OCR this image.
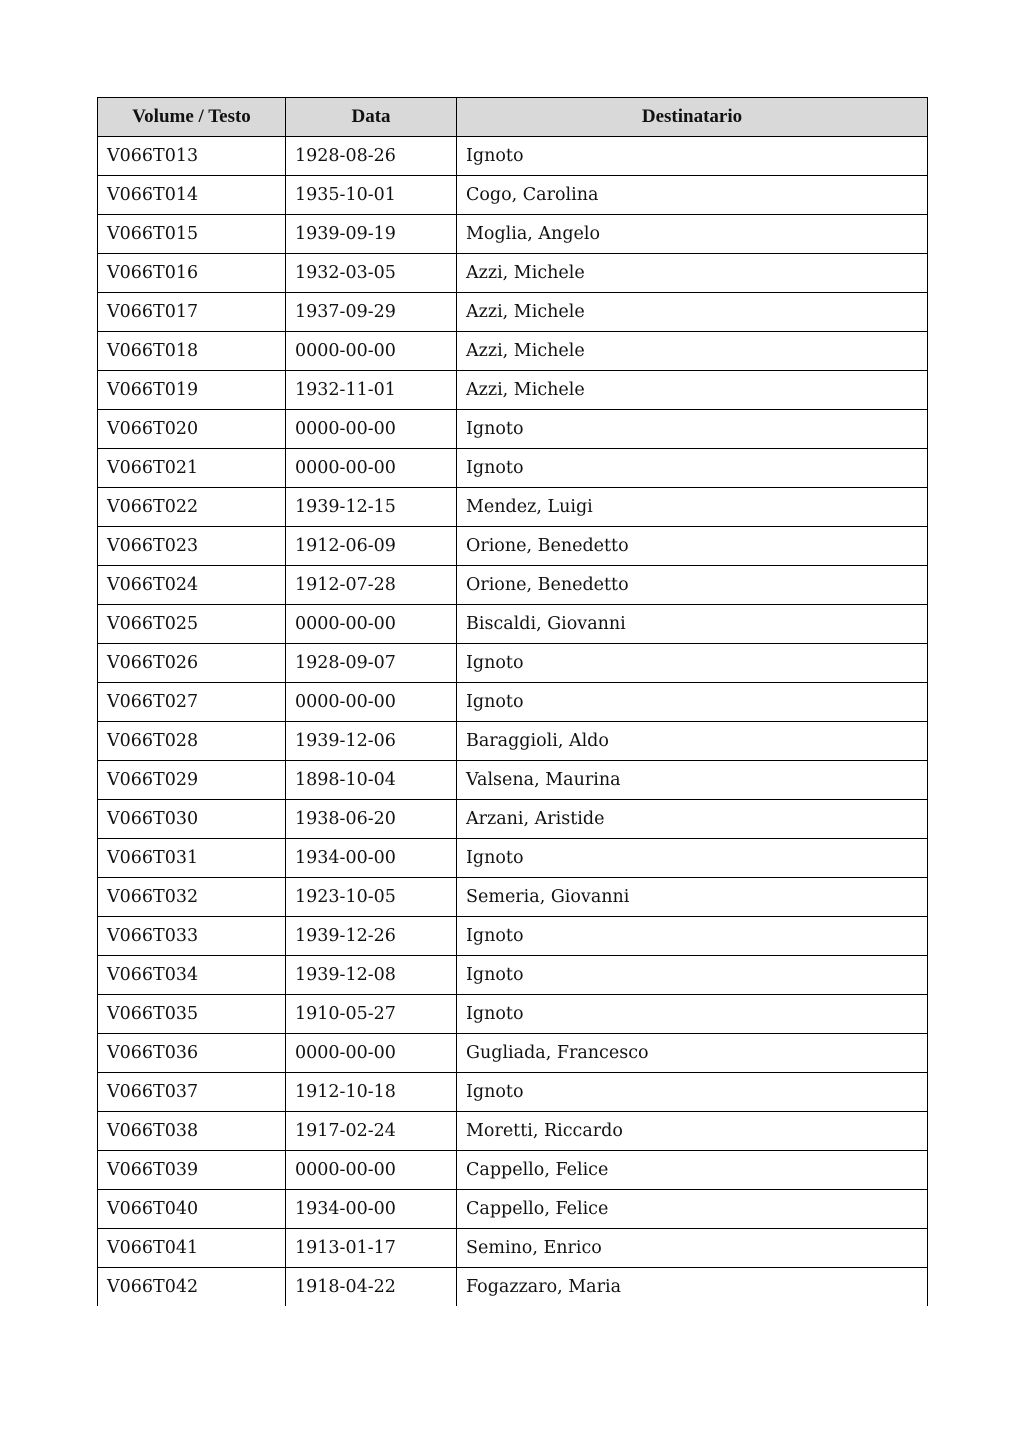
Volume / Testo	Data	Destinatario
V066T013	1928-08-26	Ignoto
V066T014	1935-10-01	Cogo, Carolina
V066T015	1939-09-19	Moglia, Angelo
V066T016	1932-03-05	Azzi, Michele
V066T017	1937-09-29	Azzi, Michele
V066T018	0000-00-00	Azzi, Michele
V066T019	1932-11-01	Azzi, Michele
V066T020	0000-00-00	Ignoto
V066T021	0000-00-00	Ignoto
V066T022	1939-12-15	Mendez, Luigi
V066T023	1912-06-09	Orione, Benedetto
V066T024	1912-07-28	Orione, Benedetto
V066T025	0000-00-00	Biscaldi, Giovanni
V066T026	1928-09-07	Ignoto
V066T027	0000-00-00	Ignoto
V066T028	1939-12-06	Baraggioli, Aldo
V066T029	1898-10-04	Valsena, Maurina
V066T030	1938-06-20	Arzani, Aristide
V066T031	1934-00-00	Ignoto
V066T032	1923-10-05	Semeria, Giovanni
V066T033	1939-12-26	Ignoto
V066T034	1939-12-08	Ignoto
V066T035	1910-05-27	Ignoto
V066T036	0000-00-00	Gugliada, Francesco
V066T037	1912-10-18	Ignoto
V066T038	1917-02-24	Moretti, Riccardo
V066T039	0000-00-00	Cappello, Felice
V066T040	1934-00-00	Cappello, Felice
V066T041	1913-01-17	Semino, Enrico
V066T042	1918-04-22	Fogazzaro, Maria
